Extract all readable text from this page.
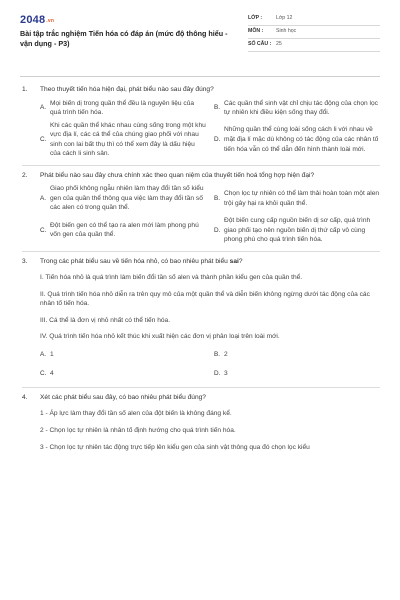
2048.vn
Bài tập trắc nghiệm Tiến hóa có đáp án (mức độ thông hiểu - vận dụng - P3)
LỚP :	Lớp 12
MÔN :	Sinh học
SỐ CÂU : 25
1.	Theo thuyết tiến hóa hiện đại, phát biểu nào sau đây đúng?
A.
Mọi biến dị trong quần thể đều là nguyên liệu của quá trình tiến hóa.
B.
Các quần thể sinh vật chỉ chịu tác động của chọn lọc tự nhiên khi điều kiện sống thay đổi.
C.
Khi các quần thể khác nhau cùng sống trong một khu vực địa lí, các cá thể của chúng giao phối với nhau sinh con lai bất thụ thì có thể xem đây là dấu hiệu của cách li sinh sản.
D.
Những quần thể cùng loài sống cách li với nhau về mặt địa lí mặc dù không có tác động của các nhân tố tiến hóa vẫn có thể dẫn đến hình thành loài mới.
2.	Phát biểu nào sau đây chưa chính xác theo quan niệm của thuyết tiến hoá tổng hợp hiện đại?
A.
Giao phối không ngẫu nhiên làm thay đổi tần số kiểu gen của quần thể thông qua việc làm thay đổi tần số các alen có trong quần thể.
B.
Chọn lọc tự nhiên có thể làm thải hoàn toàn một alen trội gây hại ra khỏi quần thể.
C.
Đột biến gen có thể tạo ra alen mới làm phong phú vốn gen của quần thể.
D.
Đột biến cung cấp nguồn biến dị sơ cấp, quá trình giao phối tạo nên nguồn biến dị thứ cấp vô cùng phong phú cho quá trình tiến hóa.
3.	Trong các phát biểu sau về tiến hóa nhỏ, có bao nhiêu phát biểu sai?
I. Tiến hóa nhỏ là quá trình làm biến đổi tần số alen và thành phần kiểu gen của quần thể.
II. Quá trình tiến hóa nhỏ diễn ra trên quy mô của một quần thể và diễn biến không ngừng dưới tác động của các nhân tố tiến hóa.
III. Cá thể là đơn vị nhỏ nhất có thể tiến hóa.
IV. Quá trình tiến hóa nhỏ kết thúc khi xuất hiện các đơn vị phân loại trên loài mới.
A. 1	B. 2
C. 4	D. 3
4.	Xét các phát biểu sau đây, có bao nhiêu phát biểu đúng?
1 - Áp lực làm thay đổi tần số alen của đột biến là không đáng kể.
2 - Chọn lọc tự nhiên là nhân tố định hướng cho quá trình tiến hóa.
3 - Chọn lọc tự nhiên tác động trực tiếp lên kiểu gen của sinh vật thông qua đó chọn lọc kiểu
